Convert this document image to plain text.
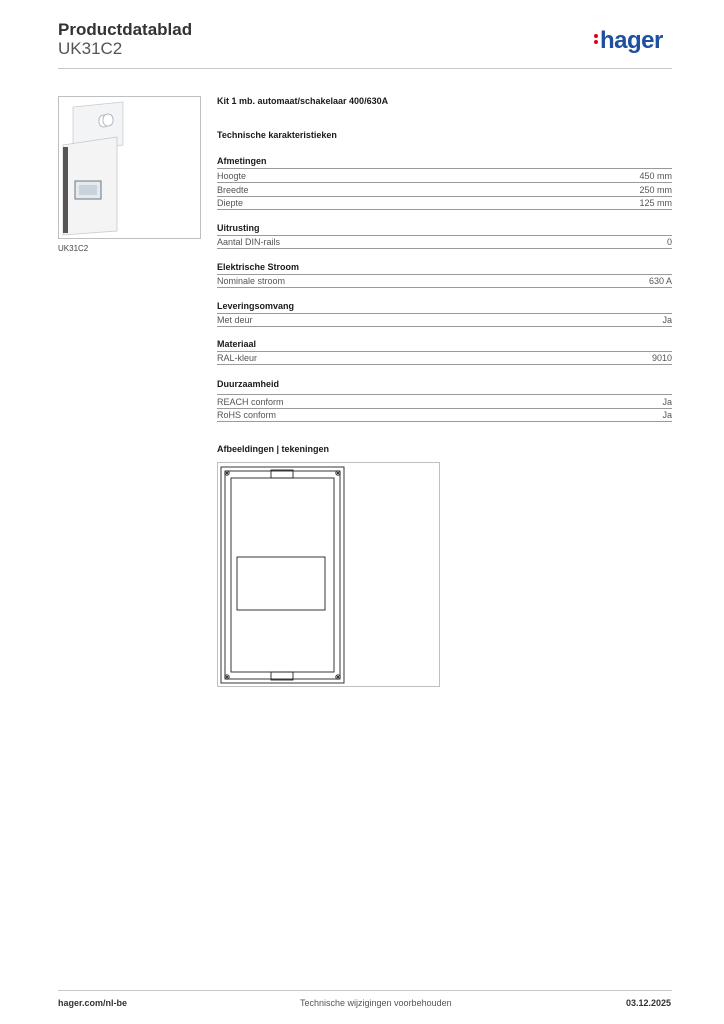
Productdatablad
UK31C2	hager
UK31C2
Kit 1 mb. automaat/schakelaar 400/630A
Technische karakteristieken
Afmetingen
Hoogte	450 mm
Breedte	250 mm
Diepte	125 mm
Uitrusting
Aantal DIN-rails	0
Elektrische Stroom
Nominale stroom	630 A
Leveringsomvang
Met deur	Ja
Materiaal
RAL-kleur	9010
Duurzaamheid
REACH conform	Ja
RoHS conform	Ja
Afbeeldingen | tekeningen
hager.com/nl-be	Technische wijzigingen voorbehouden	03.12.2025
